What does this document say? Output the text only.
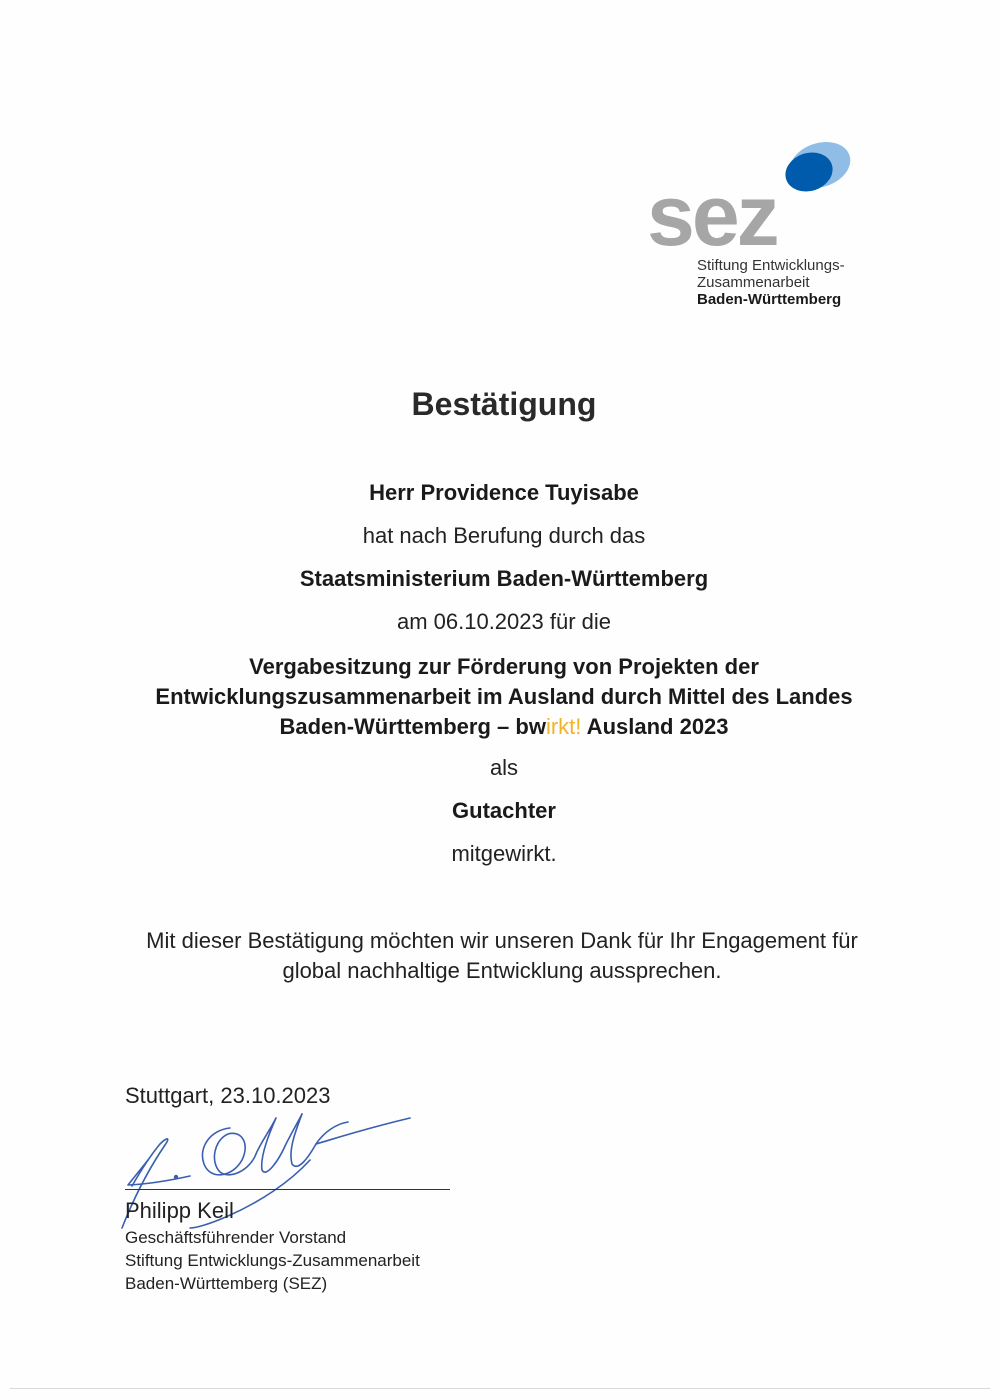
sez
Stiftung Entwicklungs-
Zusammenarbeit
Baden-Württemberg
Bestätigung
Herr Providence Tuyisabe
hat nach Berufung durch das
Staatsministerium Baden-Württemberg
am 06.10.2023 für die
Vergabesitzung zur Förderung von Projekten der
Entwicklungszusammenarbeit im Ausland durch Mittel des Landes
Baden-Württemberg – bwirkt! Ausland 2023
als
Gutachter
mitgewirkt.
Mit dieser Bestätigung möchten wir unseren Dank für Ihr Engagement für
global nachhaltige Entwicklung aussprechen.
Stuttgart, 23.10.2023
Philipp Keil
Geschäftsführender Vorstand
Stiftung Entwicklungs-Zusammenarbeit
Baden-Württemberg (SEZ)
